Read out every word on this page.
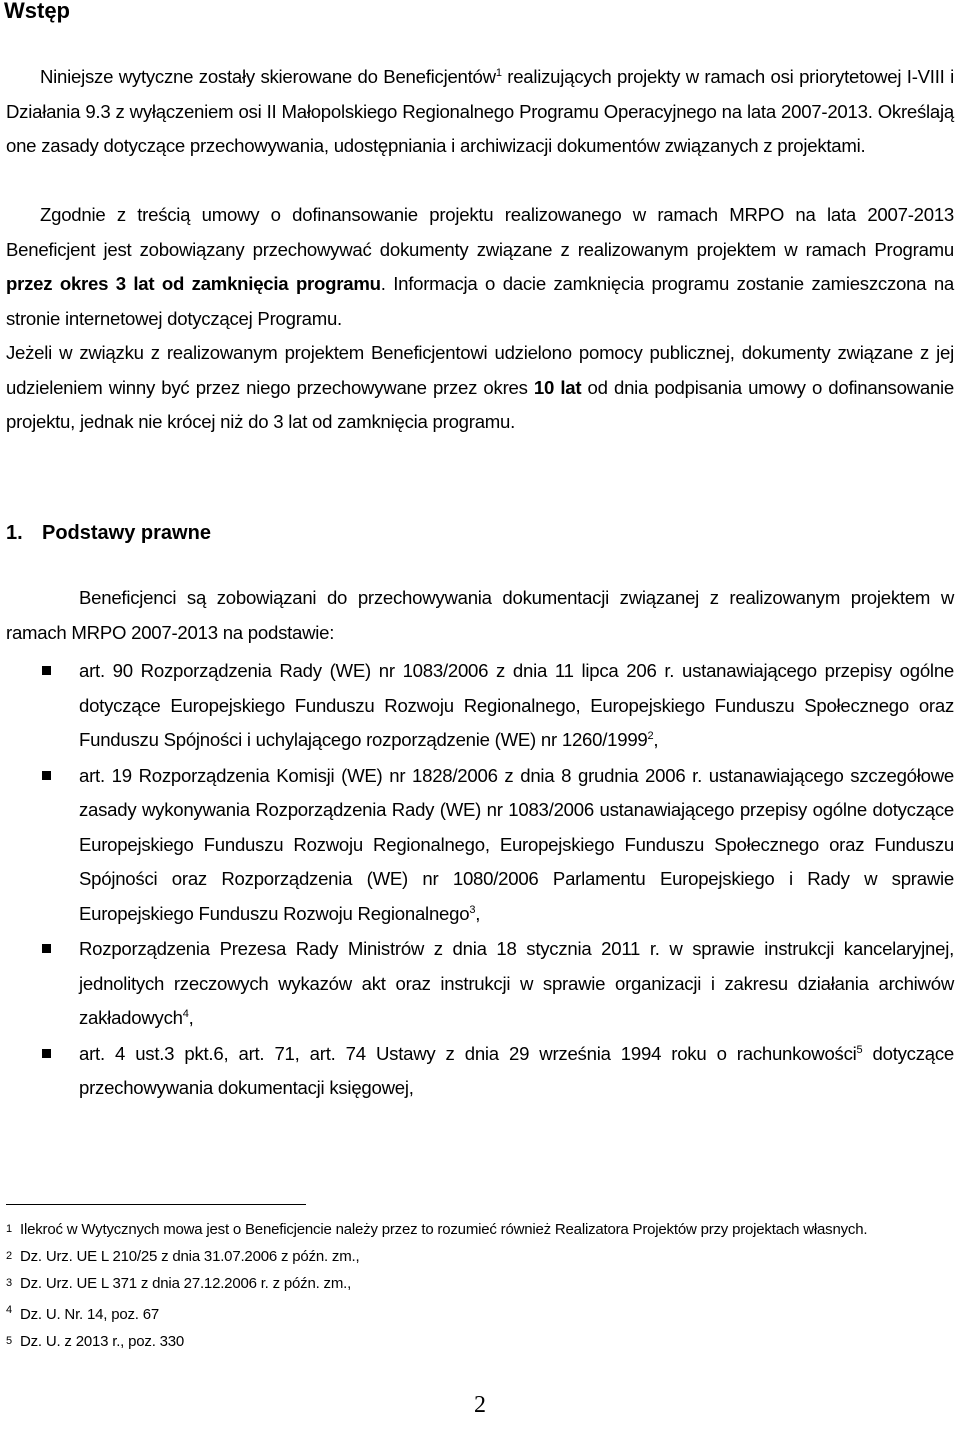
Wstęp

Niniejsze wytyczne zostały skierowane do Beneficjentów$^1$ realizujących projekty w ramach osi priorytetowej I-VIII i Działania 9.3 z wyłączeniem osi II Małopolskiego Regionalnego Programu Operacyjnego na lata 2007-2013. Określają one zasady dotyczące przechowywania, udostępniania i archiwizacji dokumentów związanych z projektami.

Zgodnie z treścią umowy o dofinansowanie projektu realizowanego w ramach MRPO na lata 2007-2013 Beneficjent jest zobowiązany przechowywać dokumenty związane z realizowanym projektem w ramach Programu przez okres 3 lat od zamknięcia programu. Informacja o dacie zamknięcia programu zostanie zamieszczona na stronie internetowej dotyczącej Programu.

Jeżeli w związku z realizowanym projektem Beneficjentowi udzielono pomocy publicznej, dokumenty związane z jej udzieleniem winny być przez niego przechowywane przez okres 10 lat od dnia podpisania umowy o dofinansowanie projektu, jednak nie krócej niż do 3 lat od zamknięcia programu.

1. Podstawy prawne

Beneficjenci są zobowiązani do przechowywania dokumentacji związanej z realizowanym projektem w ramach MRPO 2007-2013 na podstawie:

art. 90 Rozporządzenia Rady (WE) nr 1083/2006 z dnia 11 lipca 206 r. ustanawiającego przepisy ogólne dotyczące Europejskiego Funduszu Rozwoju Regionalnego, Europejskiego Funduszu Społecznego oraz Funduszu Spójności i uchylającego rozporządzenie (WE) nr 1260/1999$^2$,
art. 19 Rozporządzenia Komisji (WE) nr 1828/2006 z dnia 8 grudnia 2006 r. ustanawiającego szczegółowe zasady wykonywania Rozporządzenia Rady (WE) nr 1083/2006 ustanawiającego przepisy ogólne dotyczące Europejskiego Funduszu Rozwoju Regionalnego, Europejskiego Funduszu Społecznego oraz Funduszu Spójności oraz Rozporządzenia (WE) nr 1080/2006 Parlamentu Europejskiego i Rady w sprawie Europejskiego Funduszu Rozwoju Regionalnego$^3$,
Rozporządzenia Prezesa Rady Ministrów z dnia 18 stycznia 2011 r. w sprawie instrukcji kancelaryjnej, jednolitych rzeczowych wykazów akt oraz instrukcji w sprawie organizacji i zakresu działania archiwów zakładowych$^4$,
art. 4 ust.3 pkt.6, art. 71, art. 74 Ustawy z dnia 29 września 1994 roku o rachunkowości$^5$ dotyczące przechowywania dokumentacji księgowej,
1 Ilekroć w Wytycznych mowa jest o Beneficjencie należy przez to rozumieć również Realizatora Projektów przy projektach własnych.
2 Dz. Urz. UE L 210/25 z dnia 31.07.2006 z późn. zm.,
3 Dz. Urz. UE L 371 z dnia 27.12.2006 r. z późn. zm.,
4 Dz. U. Nr. 14, poz. 67
5 Dz. U. z 2013 r., poz. 330
2
